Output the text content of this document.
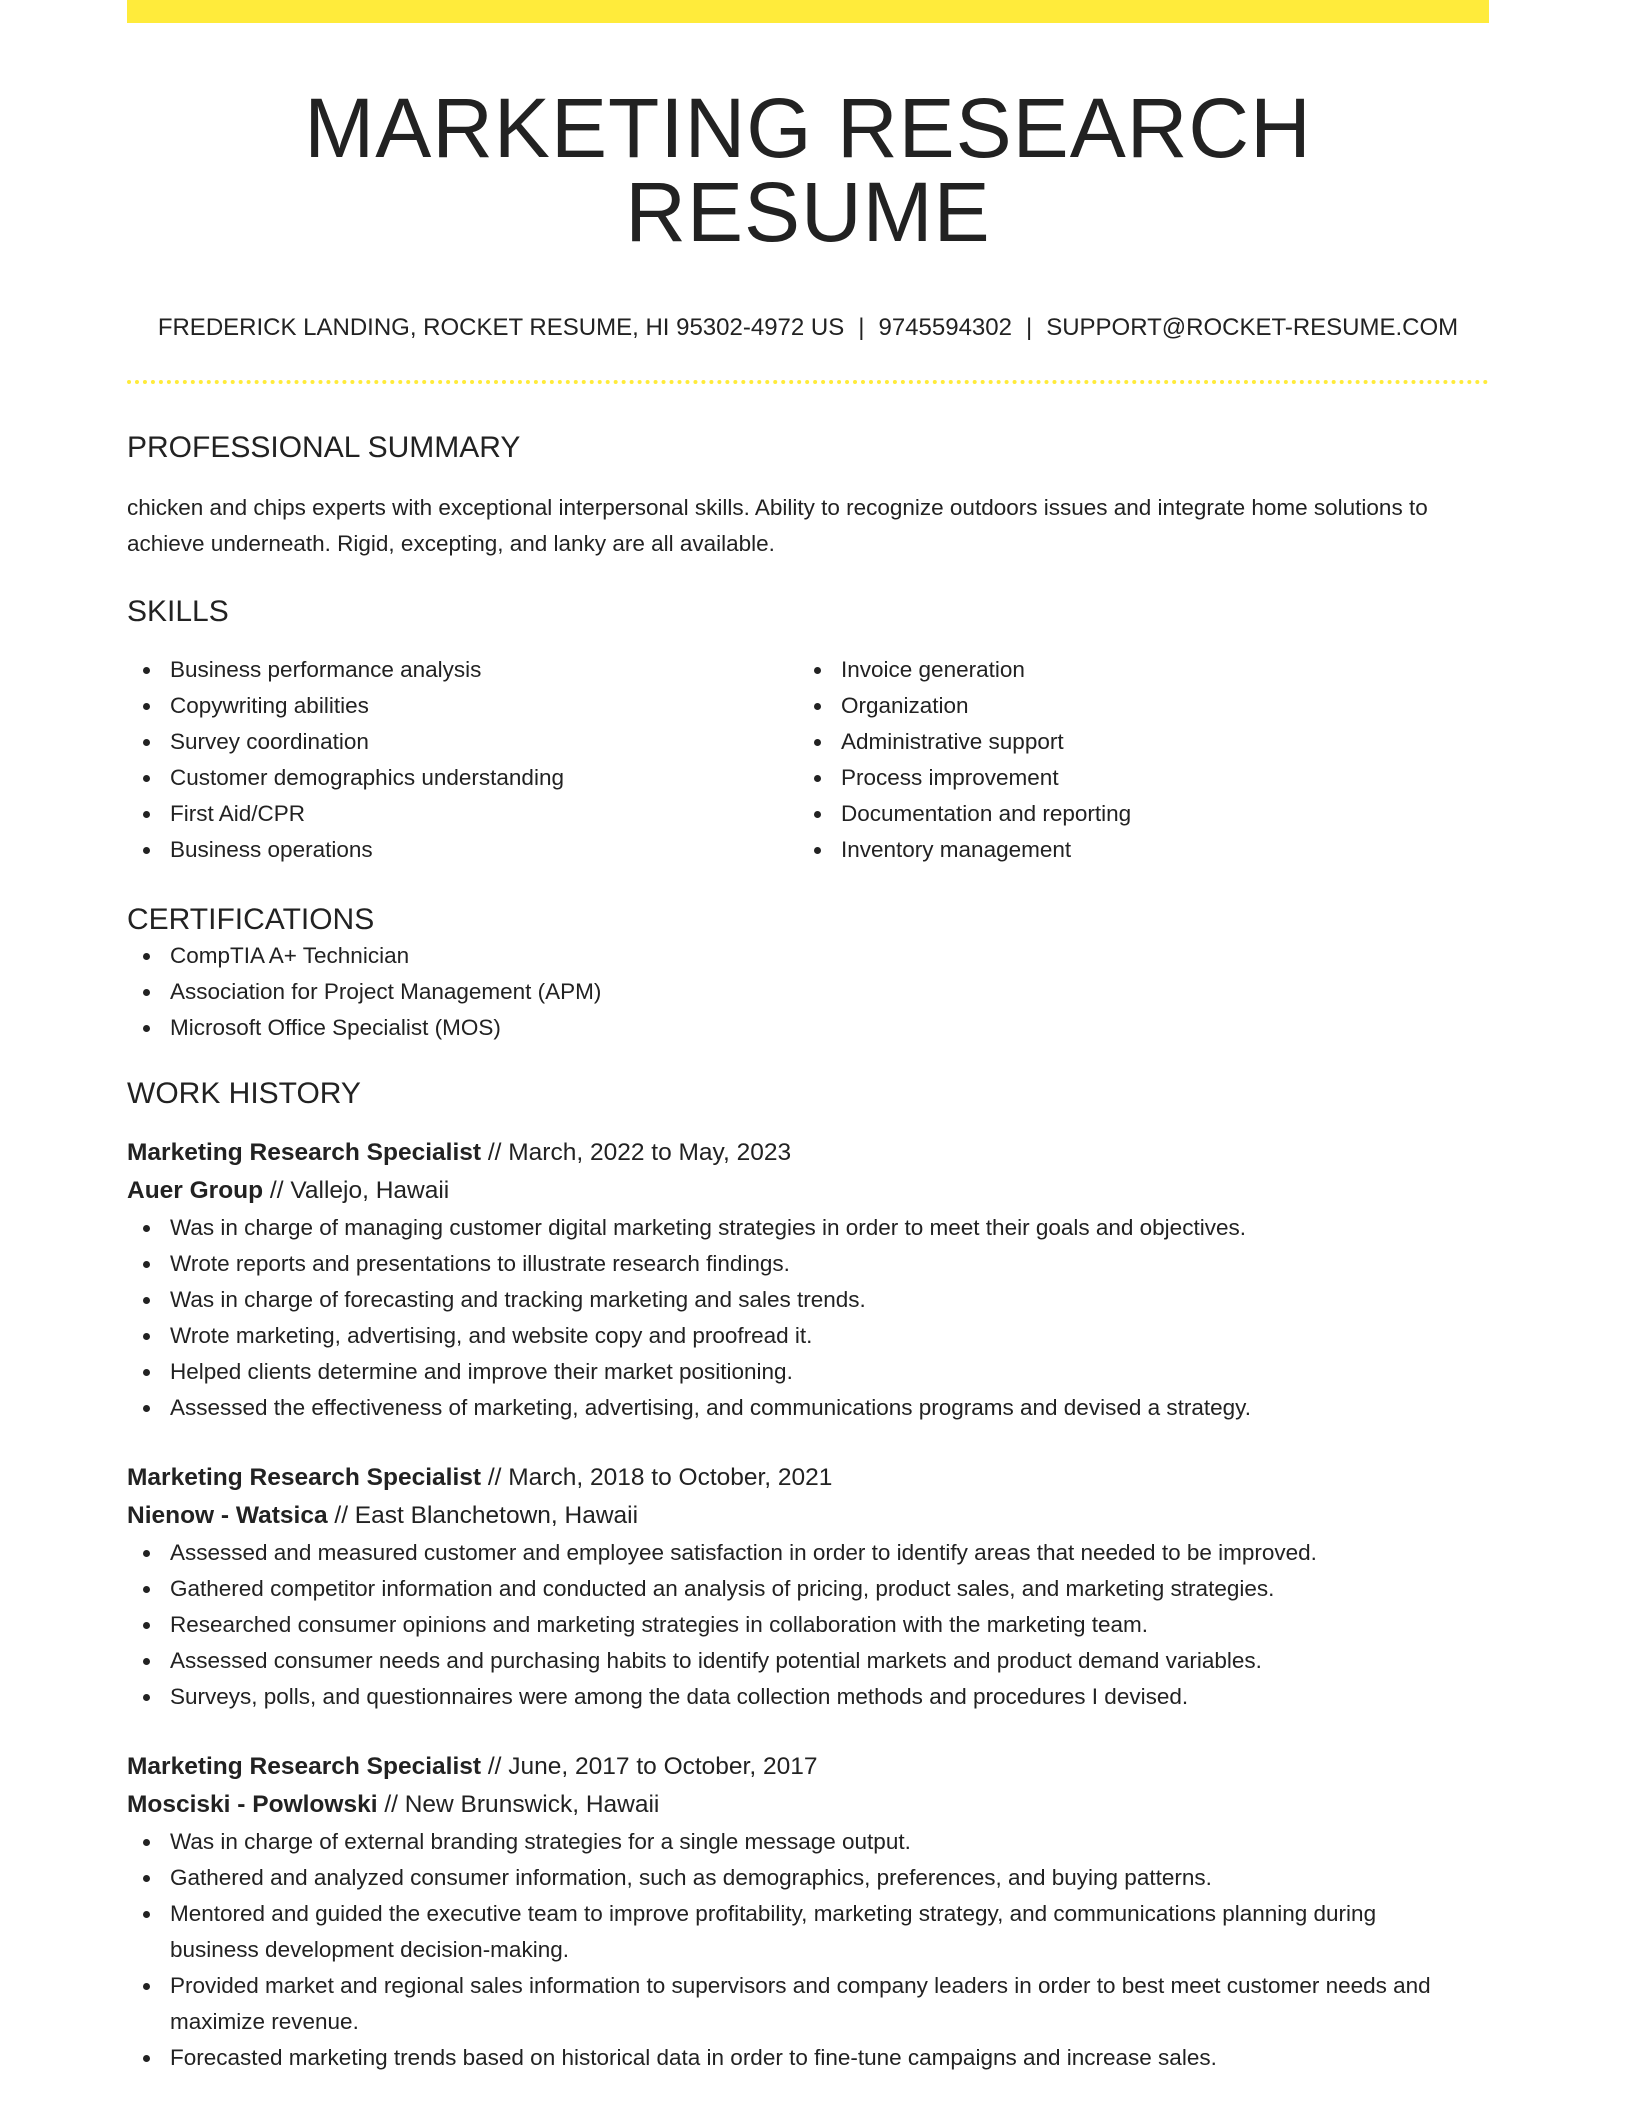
MARKETING RESEARCH RESUME
FREDERICK LANDING, ROCKET RESUME, HI 95302-4972 US | 9745594302 | SUPPORT@ROCKET-RESUME.COM
PROFESSIONAL SUMMARY

chicken and chips experts with exceptional interpersonal skills. Ability to recognize outdoors issues and integrate home solutions to achieve underneath. Rigid, excepting, and lanky are all available.

SKILLS
Business performance analysis
Copywriting abilities
Survey coordination
Customer demographics understanding
First Aid/CPR
Business operations
Invoice generation
Organization
Administrative support
Process improvement
Documentation and reporting
Inventory management
CERTIFICATIONS
CompTIA A+ Technician
Association for Project Management (APM)
Microsoft Office Specialist (MOS)
WORK HISTORY
Marketing Research Specialist // March, 2022 to May, 2023
Auer Group // Vallejo, Hawaii
Was in charge of managing customer digital marketing strategies in order to meet their goals and objectives.
Wrote reports and presentations to illustrate research findings.
Was in charge of forecasting and tracking marketing and sales trends.
Wrote marketing, advertising, and website copy and proofread it.
Helped clients determine and improve their market positioning.
Assessed the effectiveness of marketing, advertising, and communications programs and devised a strategy.
Marketing Research Specialist // March, 2018 to October, 2021
Nienow - Watsica // East Blanchetown, Hawaii
Assessed and measured customer and employee satisfaction in order to identify areas that needed to be improved.
Gathered competitor information and conducted an analysis of pricing, product sales, and marketing strategies.
Researched consumer opinions and marketing strategies in collaboration with the marketing team.
Assessed consumer needs and purchasing habits to identify potential markets and product demand variables.
Surveys, polls, and questionnaires were among the data collection methods and procedures I devised.
Marketing Research Specialist // June, 2017 to October, 2017
Mosciski - Powlowski // New Brunswick, Hawaii
Was in charge of external branding strategies for a single message output.
Gathered and analyzed consumer information, such as demographics, preferences, and buying patterns.
Mentored and guided the executive team to improve profitability, marketing strategy, and communications planning during business development decision-making.
Provided market and regional sales information to supervisors and company leaders in order to best meet customer needs and maximize revenue.
Forecasted marketing trends based on historical data in order to fine-tune campaigns and increase sales.
